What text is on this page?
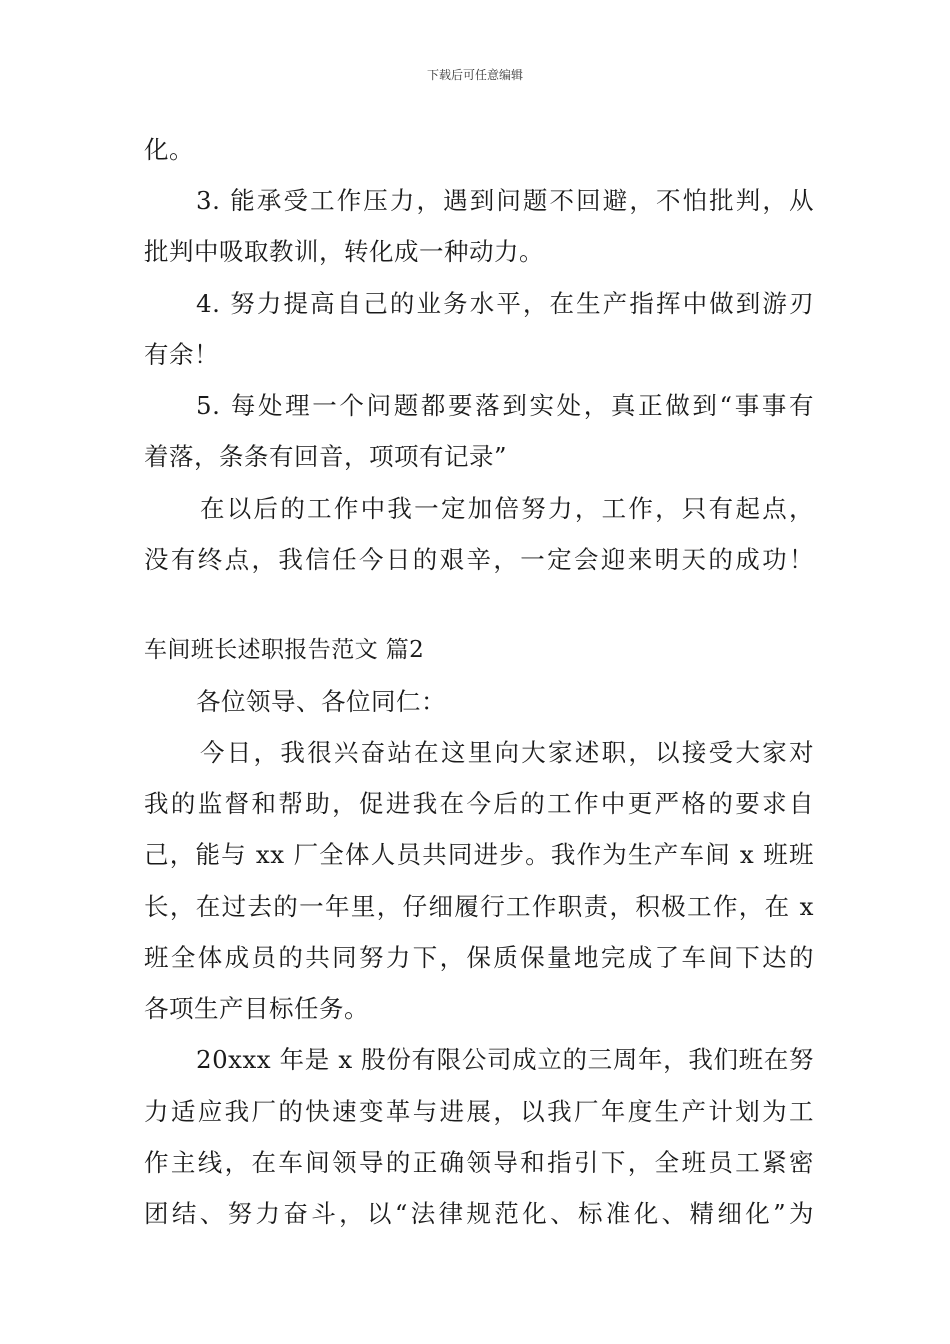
下载后可任意编辑
化。
3. 能承受工作压力，遇到问题不回避，不怕批判，从
批判中吸取教训，转化成一种动力。
4. 努力提高自己的业务水平，在生产指挥中做到游刃
有余！
5. 每处理一个问题都要落到实处，真正做到“事事有
着落，条条有回音，项项有记录”
在以后的工作中我一定加倍努力，工作，只有起点，
没有终点，我信任今日的艰辛，一定会迎来明天的成功！
车间班长述职报告范文 篇2
各位领导、各位同仁：
今日，我很兴奋站在这里向大家述职，以接受大家对
我的监督和帮助，促进我在今后的工作中更严格的要求自
己，能与 xx 厂全体人员共同进步。我作为生产车间 x 班班
长，在过去的一年里，仔细履行工作职责，积极工作，在 x
班全体成员的共同努力下，保质保量地完成了车间下达的
各项生产目标任务。
20xxx 年是 x 股份有限公司成立的三周年，我们班在努
力适应我厂的快速变革与进展，以我厂年度生产计划为工
作主线，在车间领导的正确领导和指引下，全班员工紧密
团结、努力奋斗，以“法律规范化、标准化、精细化”为
